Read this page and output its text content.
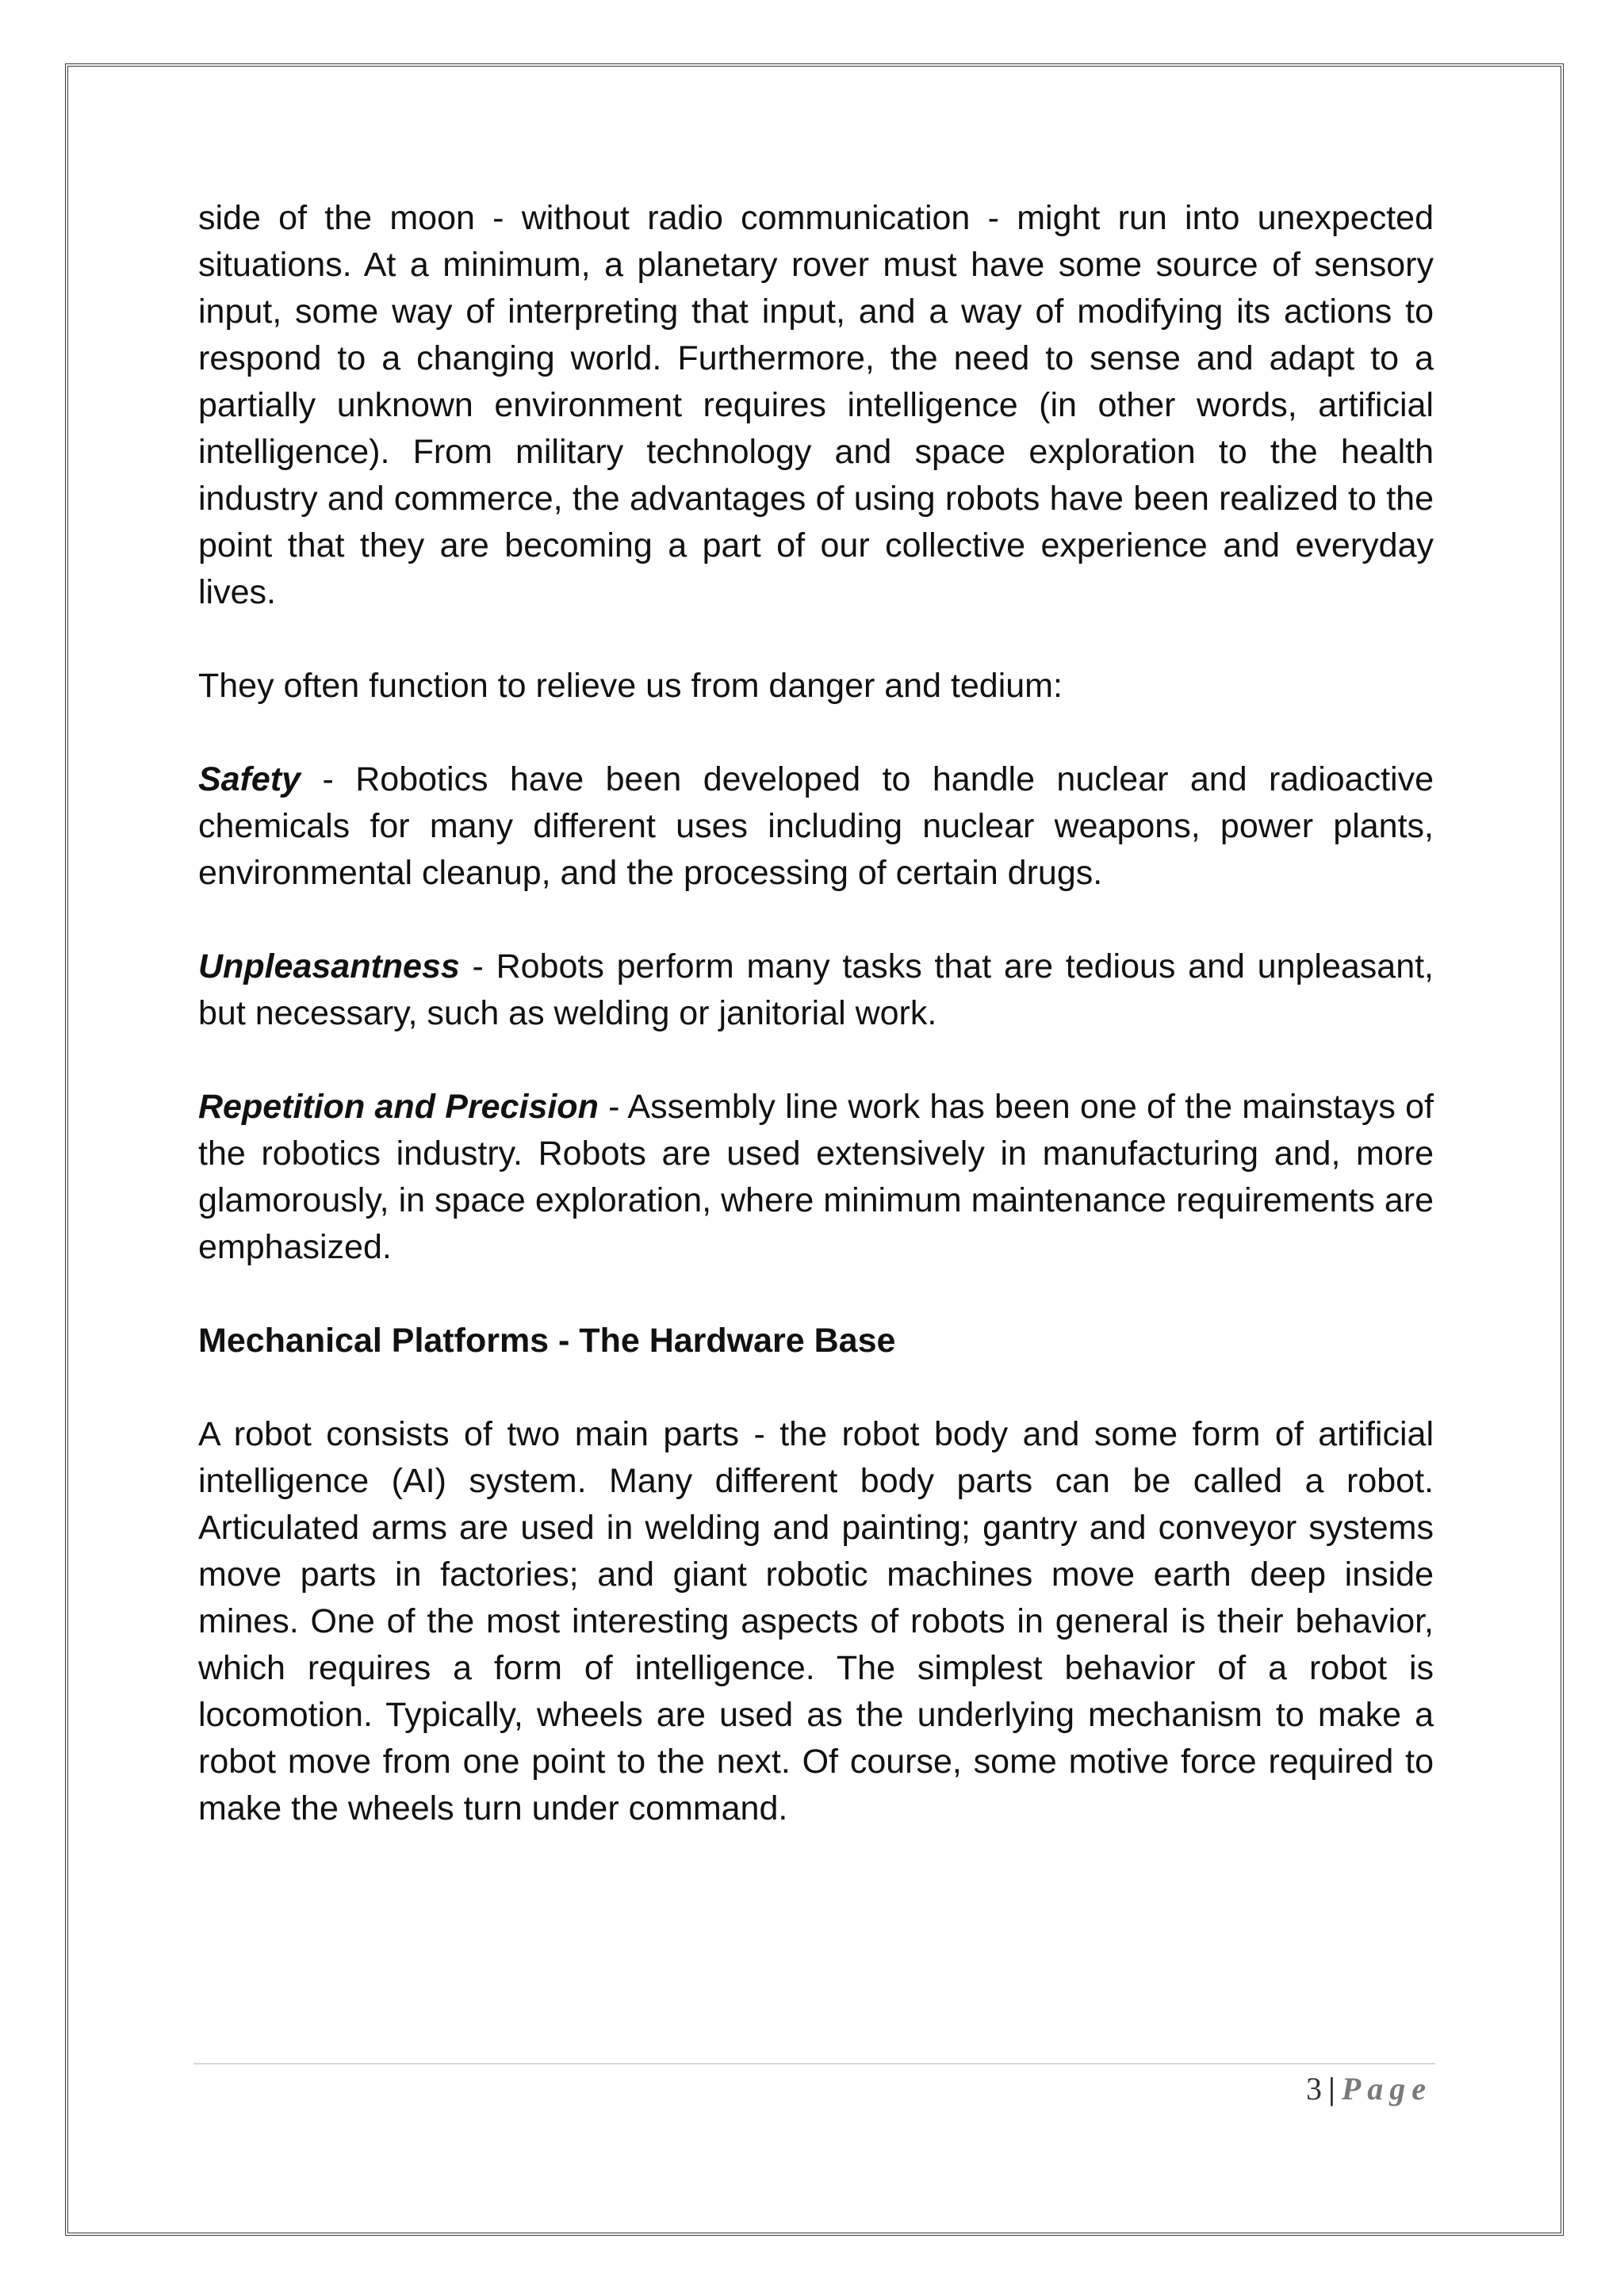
side of the moon - without radio communication - might run into unexpected situations. At a minimum, a planetary rover must have some source of sensory input, some way of interpreting that input, and a way of modifying its actions to respond to a changing world. Furthermore, the need to sense and adapt to a partially unknown environment requires intelligence (in other words, artificial intelligence). From military technology and space exploration to the health industry and commerce, the advantages of using robots have been realized to the point that they are becoming a part of our collective experience and everyday lives.

They often function to relieve us from danger and tedium:

Safety - Robotics have been developed to handle nuclear and radioactive chemicals for many different uses including nuclear weapons, power plants, environmental cleanup, and the processing of certain drugs.

Unpleasantness - Robots perform many tasks that are tedious and unpleasant, but necessary, such as welding or janitorial work.

Repetition and Precision - Assembly line work has been one of the mainstays of the robotics industry. Robots are used extensively in manufacturing and, more glamorously, in space exploration, where minimum maintenance requirements are emphasized.

Mechanical Platforms - The Hardware Base

A robot consists of two main parts - the robot body and some form of artificial intelligence (AI) system. Many different body parts can be called a robot. Articulated arms are used in welding and painting; gantry and conveyor systems move parts in factories; and giant robotic machines move earth deep inside mines. One of the most interesting aspects of robots in general is their behavior, which requires a form of intelligence. The simplest behavior of a robot is locomotion. Typically, wheels are used as the underlying mechanism to make a robot move from one point to the next. Of course, some motive force required to make the wheels turn under command.

3 | Page
